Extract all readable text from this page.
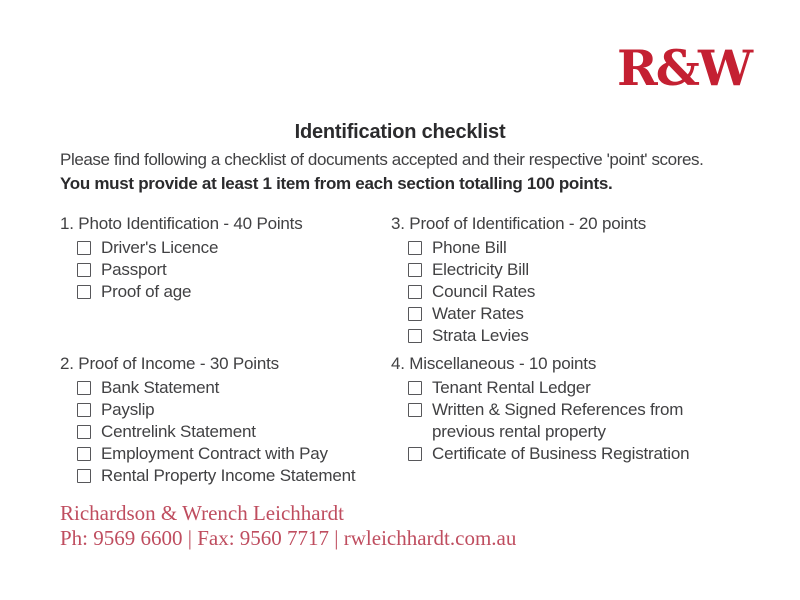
R&W
Identification checklist
Please find following a checklist of documents accepted and their respective 'point' scores.
You must provide at least 1 item from each section totalling 100 points.
1. Photo Identification - 40 Points
Driver's Licence
Passport
Proof of age
2. Proof of Income - 30 Points
Bank Statement
Payslip
Centrelink Statement
Employment Contract with Pay
Rental Property Income Statement
3. Proof of Identification - 20 points
Phone Bill
Electricity Bill
Council Rates
Water Rates
Strata Levies
4. Miscellaneous - 10 points
Tenant Rental Ledger
Written & Signed References from previous rental property
Certificate of Business Registration
Richardson & Wrench Leichhardt
Ph: 9569 6600 | Fax: 9560 7717 | rwleichhardt.com.au
